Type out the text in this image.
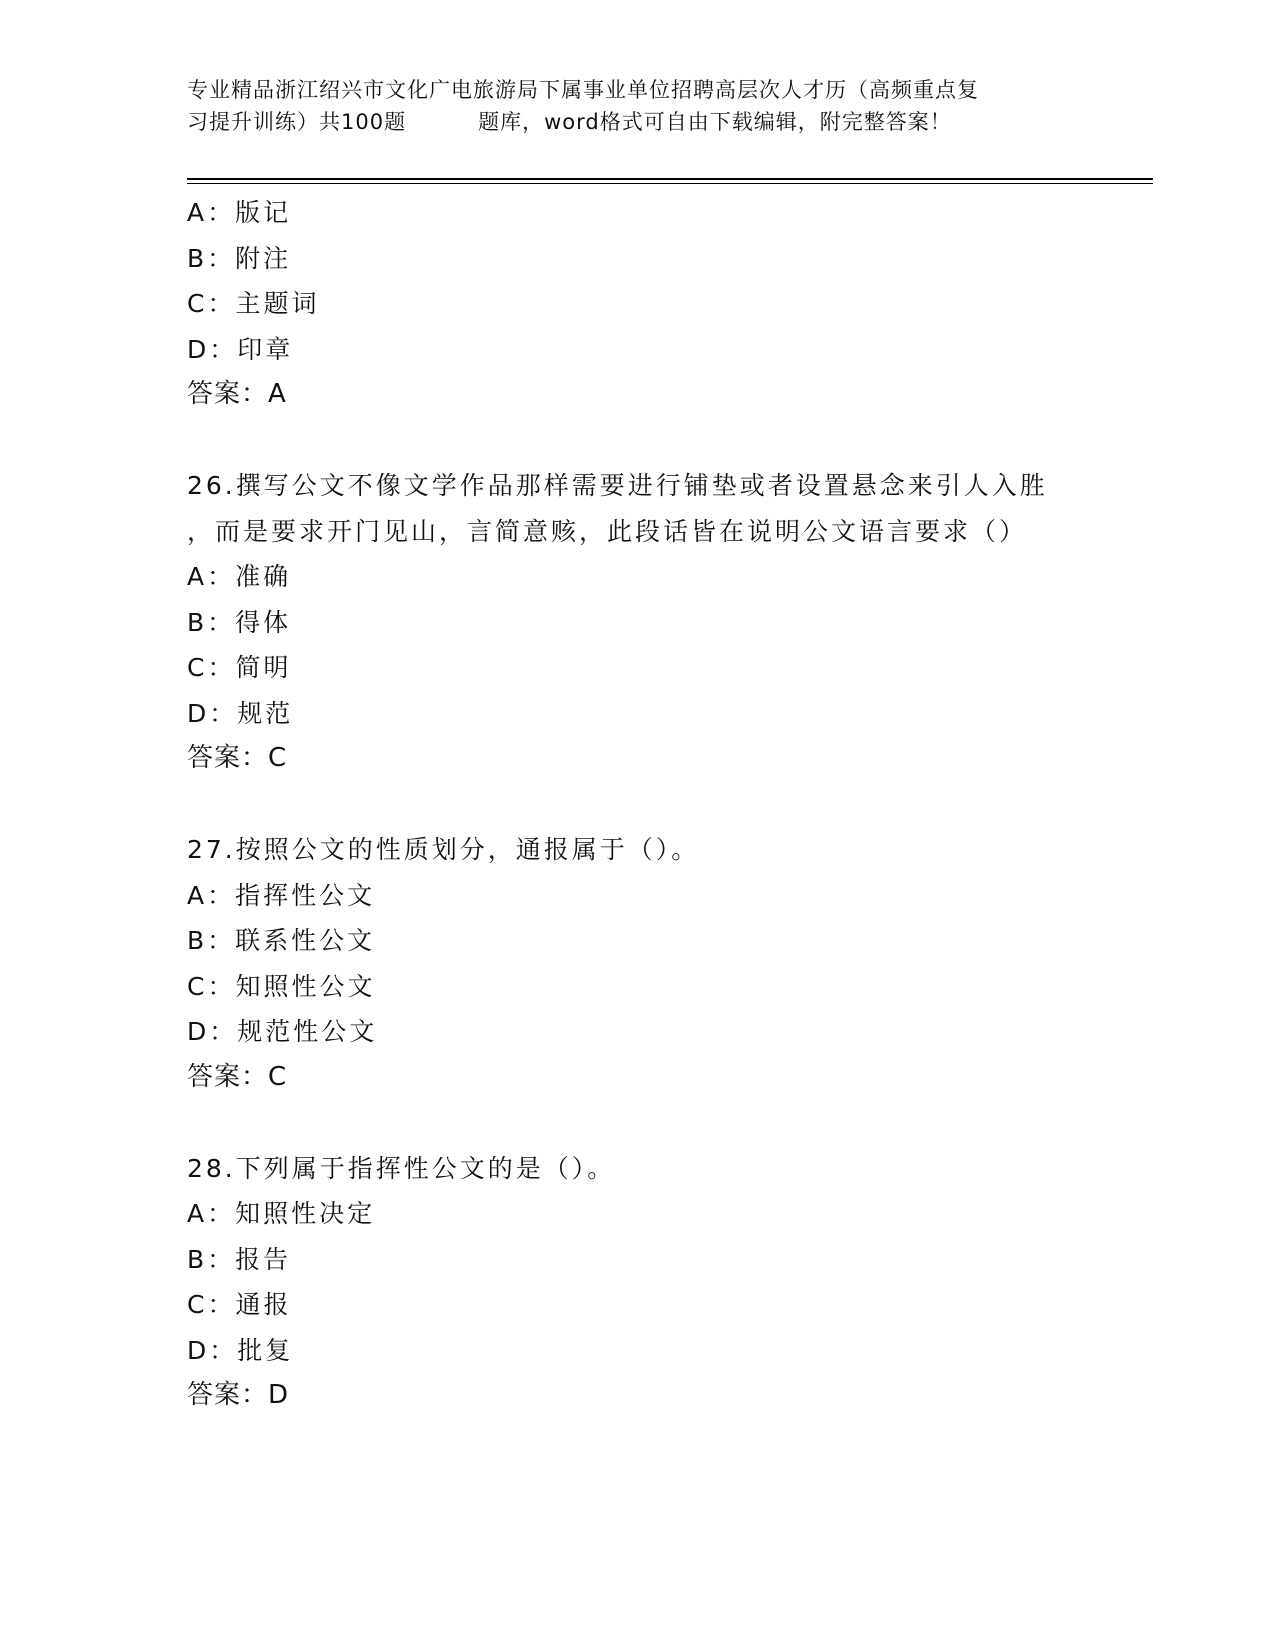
专业精品浙江绍兴市文化广电旅游局下属事业单位招聘高层次人才历（高频重点复
习提升训练）共100题	题库，word格式可自由下载编辑，附完整答案！
A：版记
B：附注
C：主题词
D：印章
答案：A
26.撰写公文不像文学作品那样需要进行铺垫或者设置悬念来引人入胜
，而是要求开门见山，言简意赅，此段话皆在说明公文语言要求（）
A：准确
B：得体
C：简明
D：规范
答案：C
27.按照公文的性质划分，通报属于（）。
A：指挥性公文
B：联系性公文
C：知照性公文
D：规范性公文
答案：C
28.下列属于指挥性公文的是（）。
A：知照性决定
B：报告
C：通报
D：批复
答案：D
